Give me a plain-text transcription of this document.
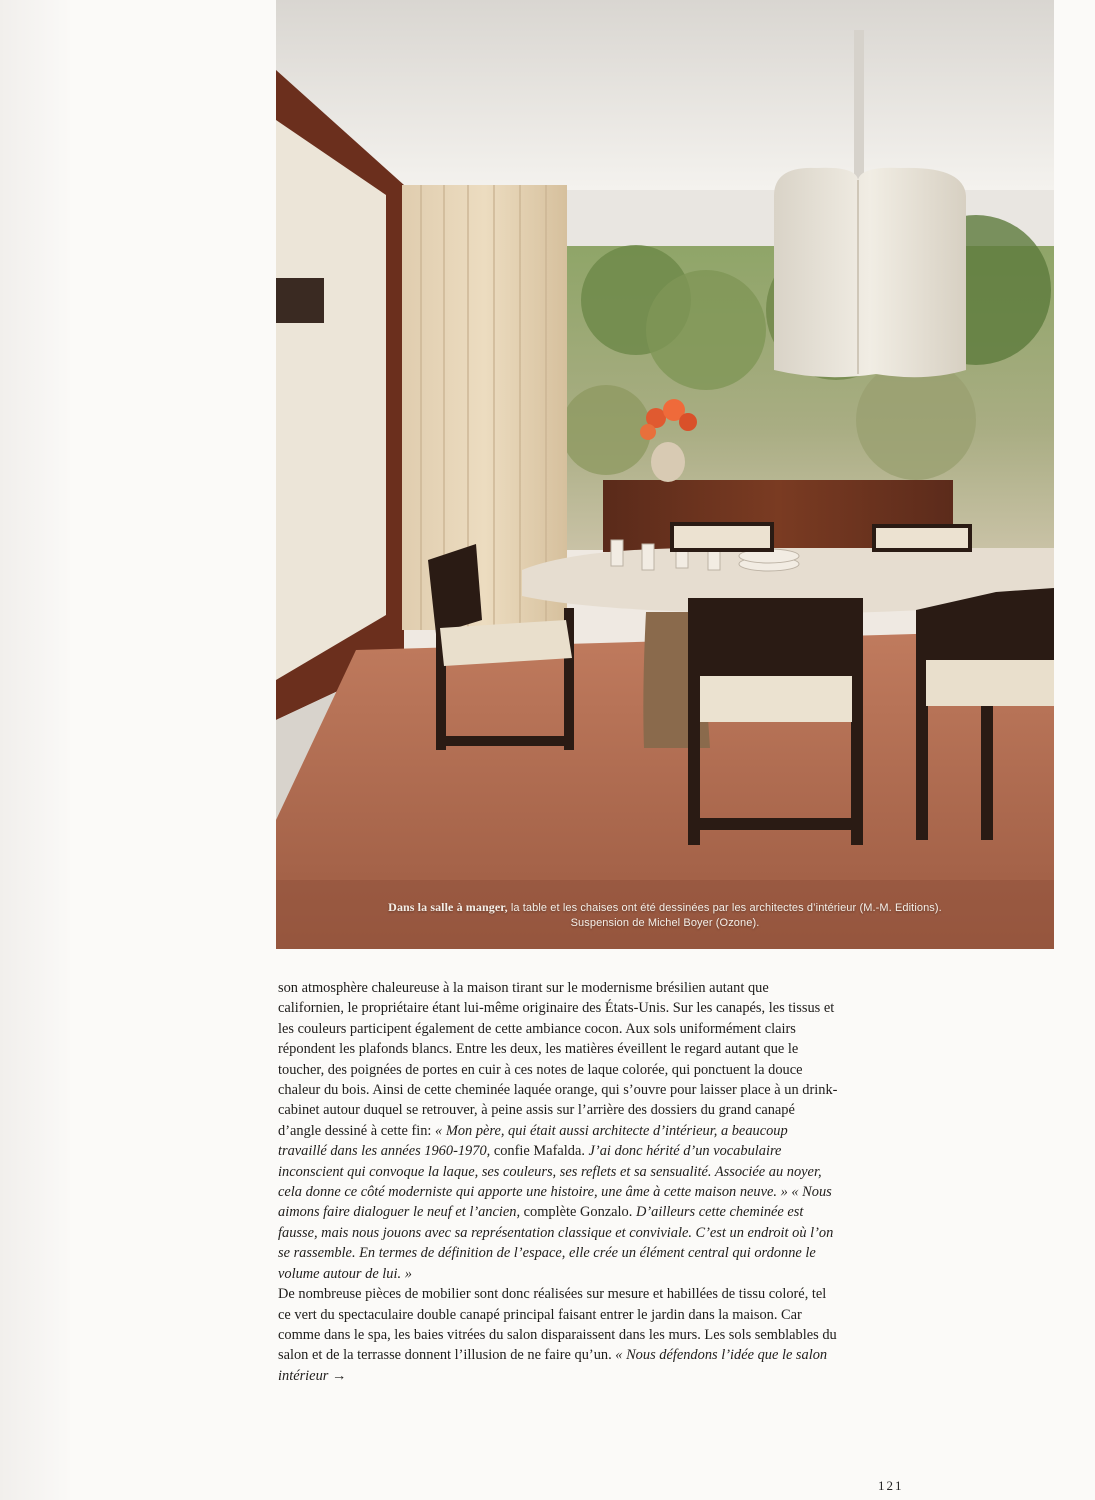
Dans la salle à manger, la table et les chaises ont été dessinées par les architectes d’intérieur (M.-M. Editions).
Suspension de Michel Boyer (Ozone).

son atmosphère chaleureuse à la maison tirant sur le modernisme brésilien autant que californien, le propriétaire étant lui-même originaire des États-Unis. Sur les canapés, les tissus et les couleurs participent également de cette ambiance cocon. Aux sols uniformément clairs répondent les plafonds blancs. Entre les deux, les matières éveillent le regard autant que le toucher, des poignées de portes en cuir à ces notes de laque colorée, qui ponctuent la douce chaleur du bois. Ainsi de cette cheminée laquée orange, qui s’ouvre pour laisser place à un drink-cabinet autour duquel se retrouver, à peine assis sur l’arrière des dossiers du grand canapé d’angle dessiné à cette fin: « Mon père, qui était aussi architecte d’intérieur, a beaucoup travaillé dans les années 1960-1970, confie Mafalda. J’ai donc hérité d’un vocabulaire inconscient qui convoque la laque, ses couleurs, ses reflets et sa sensualité. Associée au noyer, cela donne ce côté moderniste qui apporte une histoire, une âme à cette maison neuve. » « Nous aimons faire dialoguer le neuf et l’ancien, complète Gonzalo. D’ailleurs cette cheminée est fausse, mais nous jouons avec sa représentation classique et conviviale. C’est un endroit où l’on se rassemble. En termes de définition de l’espace, elle crée un élément central qui ordonne le volume autour de lui. »

De nombreuse pièces de mobilier sont donc réalisées sur mesure et habillées de tissu coloré, tel ce vert du spectaculaire double canapé principal faisant entrer le jardin dans la maison. Car comme dans le spa, les baies vitrées du salon disparaissent dans les murs. Les sols semblables du salon et de la terrasse donnent l’illusion de ne faire qu’un. « Nous défendons l’idée que le salon intérieur →

121
